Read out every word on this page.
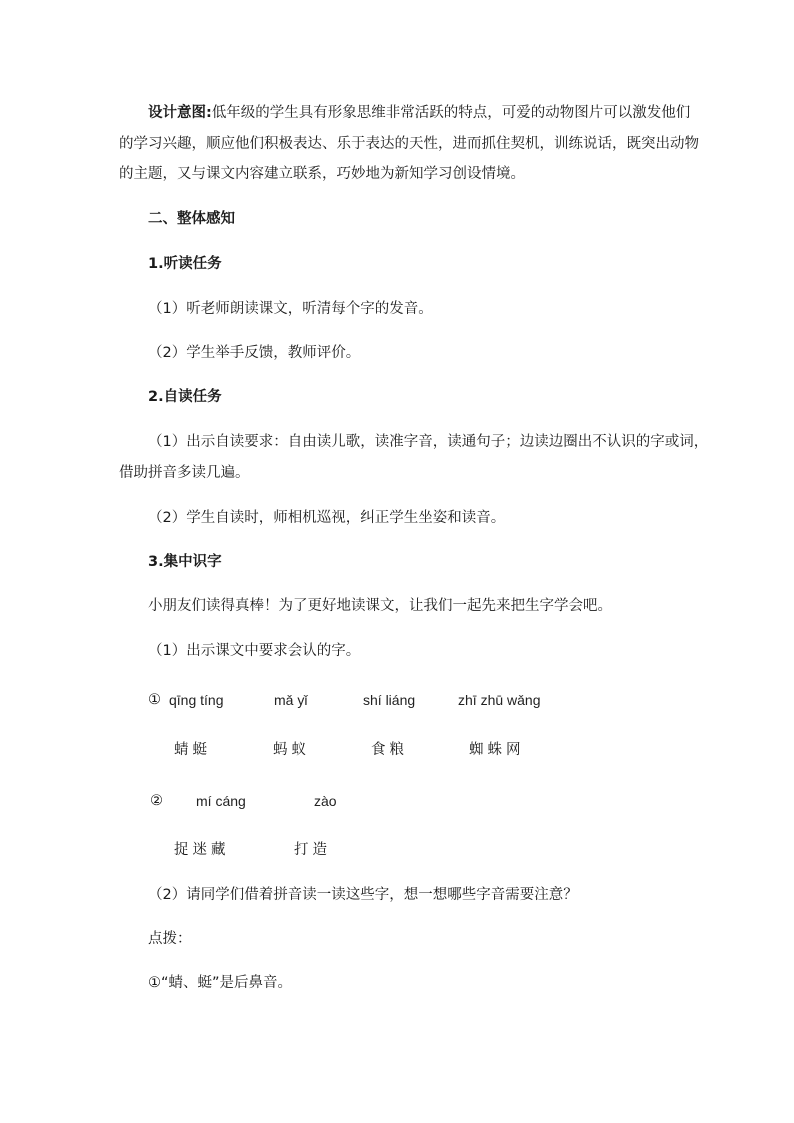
设计意图:低年级的学生具有形象思维非常活跃的特点，可爱的动物图片可以激发他们
的学习兴趣，顺应他们积极表达、乐于表达的天性，进而抓住契机，训练说话，既突出动物
的主题，又与课文内容建立联系，巧妙地为新知学习创设情境。
二、整体感知
1.听读任务
（1）听老师朗读课文，听清每个字的发音。
（2）学生举手反馈，教师评价。
2.自读任务
（1）出示自读要求：自由读儿歌，读准字音，读通句子；边读边圈出不认识的字或词，
借助拼音多读几遍。
（2）学生自读时，师相机巡视，纠正学生坐姿和读音。
3.集中识字
小朋友们读得真棒！为了更好地读课文，让我们一起先来把生字学会吧。
（1）出示课文中要求会认的字。
① qīng tíng	mǎ yǐ	shí liáng	zhī zhū wǎng
蜻蜓	蚂蚁	食粮	蜘蛛网
② mí cáng	zào
捉迷藏	打造
（2）请同学们借着拼音读一读这些字，想一想哪些字音需要注意？
点拨：
①“蜻、蜓”是后鼻音。
